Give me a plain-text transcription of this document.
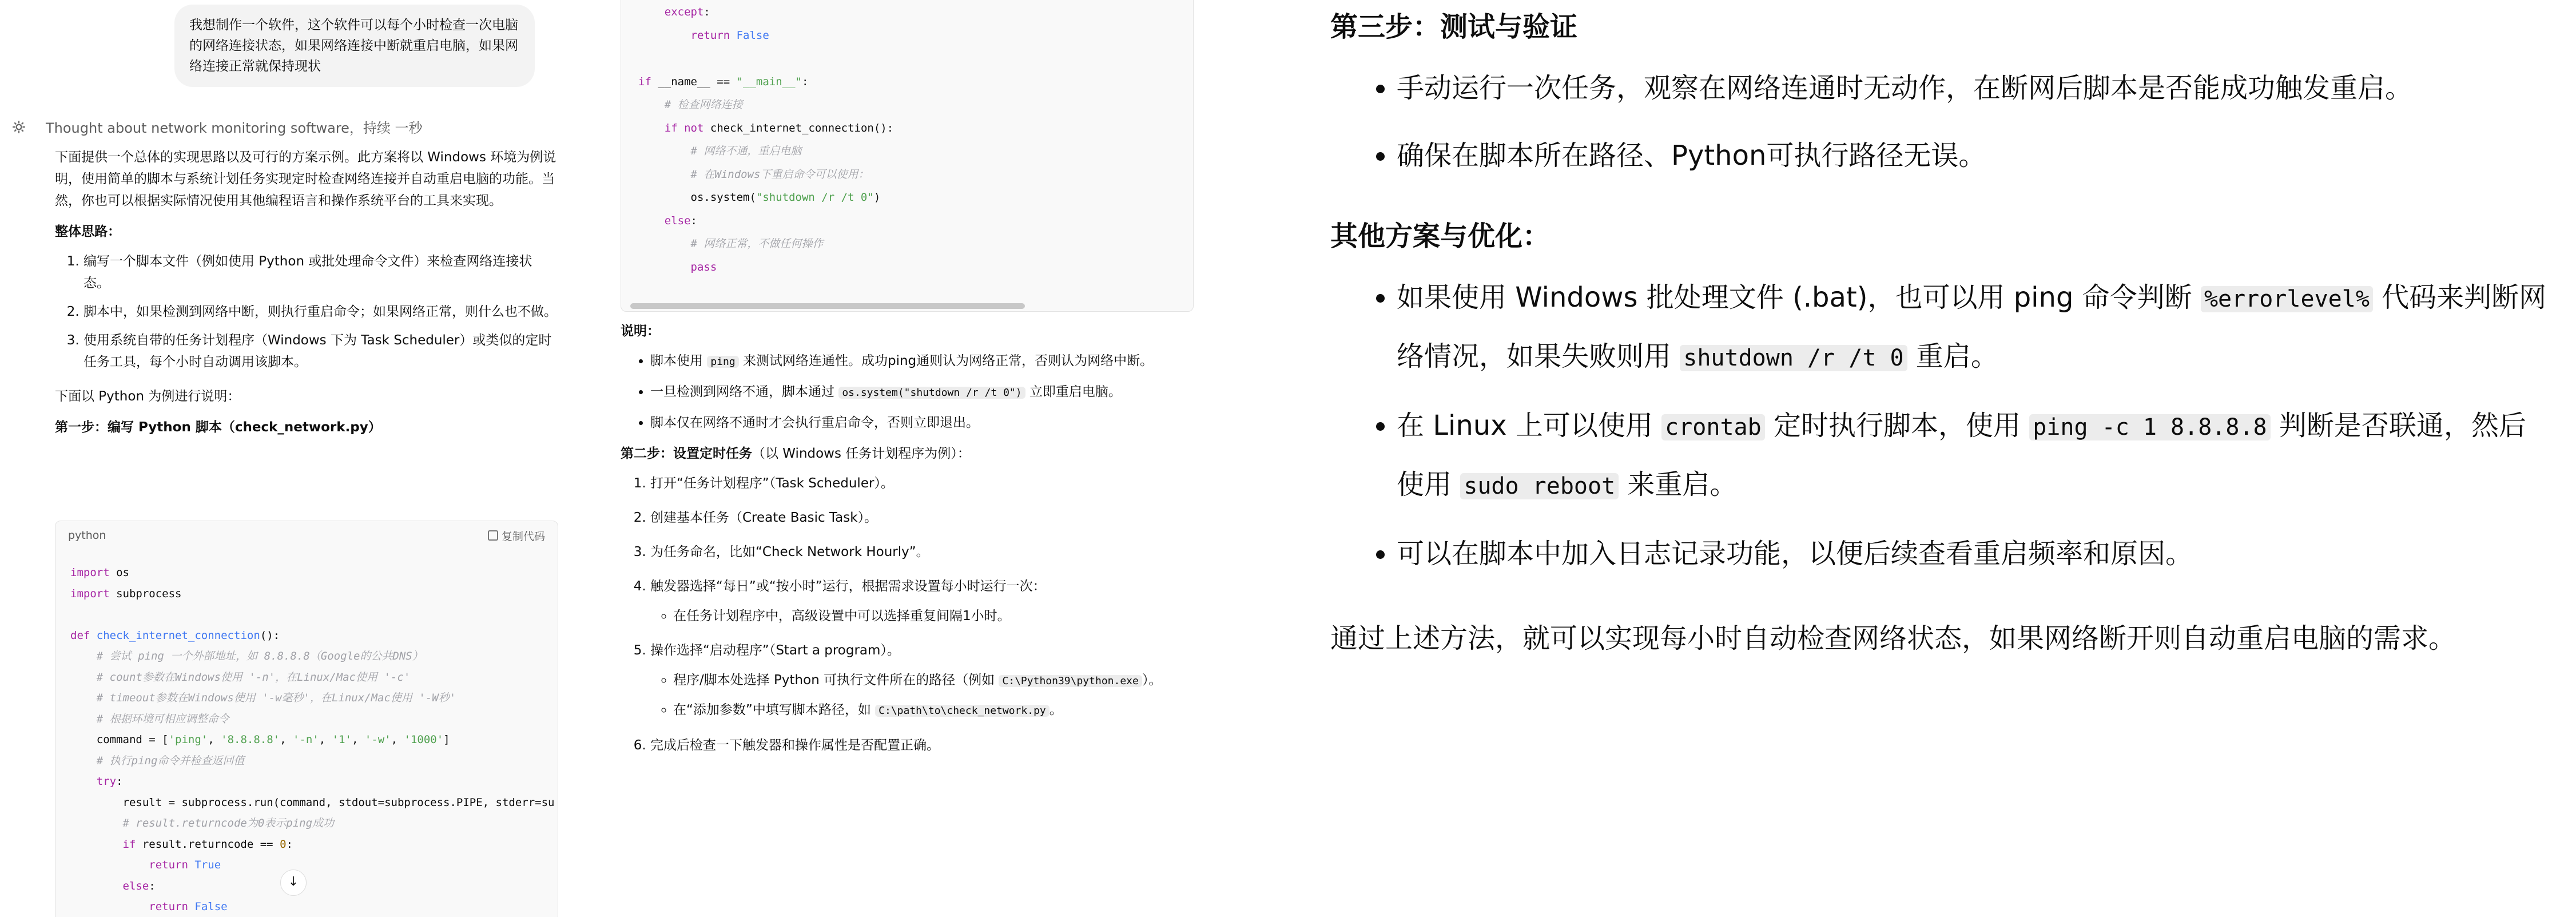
我想制作一个软件，这个软件可以每个小时检查一次电脑的网络连接状态，如果网络连接中断就重启电脑，如果网络连接正常就保持现状
Thought about network monitoring software，持续 一秒

下面提供一个总体的实现思路以及可行的方案示例。此方案将以 Windows 环境为例说明，使用简单的脚本与系统计划任务实现定时检查网络连接并自动重启电脑的功能。当然，你也可以根据实际情况使用其他编程语言和操作系统平台的工具来实现。

整体思路：
1. 编写一个脚本文件（例如使用 Python 或批处理命令文件）来检查网络连接状态。
2. 脚本中，如果检测到网络中断，则执行重启命令；如果网络正常，则什么也不做。
3. 使用系统自带的任务计划程序（Windows 下为 Task Scheduler）或类似的定时任务工具，每个小时自动调用该脚本。

下面以 Python 为例进行说明：

第一步：编写 Python 脚本（check_network.py）
python	复制代码
import os
import subprocess

def check_internet_connection():
# 尝试 ping 一个外部地址，如 8.8.8.8（Google的公共DNS）
# count参数在Windows使用 '-n'，在Linux/Mac使用 '-c'
# timeout参数在Windows使用 '-w毫秒'，在Linux/Mac使用 '-W秒'
# 根据环境可相应调整命令
command = ['ping', '8.8.8.8', '-n', '1', '-w', '1000']
# 执行ping命令并检查返回值
try:
result = subprocess.run(command, stdout=subprocess.PIPE, stderr=su
# result.returncode为0表示ping成功
if result.returncode == 0:
return True
else:
return False
↓
except:
return False

if __name__ == "__main__":
# 检查网络连接
if not check_internet_connection():
# 网络不通，重启电脑
# 在Windows下重启命令可以使用：
os.system("shutdown /r /t 0")
else:
# 网络正常，不做任何操作
pass
说明：
• 脚本使用 ping 来测试网络连通性。成功ping通则认为网络正常，否则认为网络中断。
• 一旦检测到网络不通，脚本通过 os.system("shutdown /r /t 0") 立即重启电脑。
• 脚本仅在网络不通时才会执行重启命令，否则立即退出。
第二步：设置定时任务（以 Windows 任务计划程序为例）：
1. 打开“任务计划程序”（Task Scheduler）。
2. 创建基本任务（Create Basic Task）。
3. 为任务命名，比如“Check Network Hourly”。
4. 触发器选择“每日”或“按小时”运行，根据需求设置每小时运行一次：
◦ 在任务计划程序中，高级设置中可以选择重复间隔1小时。
5. 操作选择“启动程序”（Start a program）。
◦ 程序/脚本处选择 Python 可执行文件所在的路径（例如 C:\Python39\python.exe ）。
◦ 在“添加参数”中填写脚本路径，如 C:\path\to\check_network.py 。
6. 完成后检查一下触发器和操作属性是否配置正确。
第三步：测试与验证
• 手动运行一次任务，观察在网络连通时无动作，在断网后脚本是否能成功触发重启。
• 确保在脚本所在路径、Python可执行路径无误。
其他方案与优化：
• 如果使用 Windows 批处理文件 (.bat)，也可以用 ping 命令判断 %errorlevel% 代码来判断网络情况，如果失败则用 shutdown /r /t 0 重启。
• 在 Linux 上可以使用 crontab 定时执行脚本，使用 ping -c 1 8.8.8.8 判断是否联通，然后使用 sudo reboot 来重启。
• 可以在脚本中加入日志记录功能，以便后续查看重启频率和原因。
通过上述方法，就可以实现每小时自动检查网络状态，如果网络断开则自动重启电脑的需求。
